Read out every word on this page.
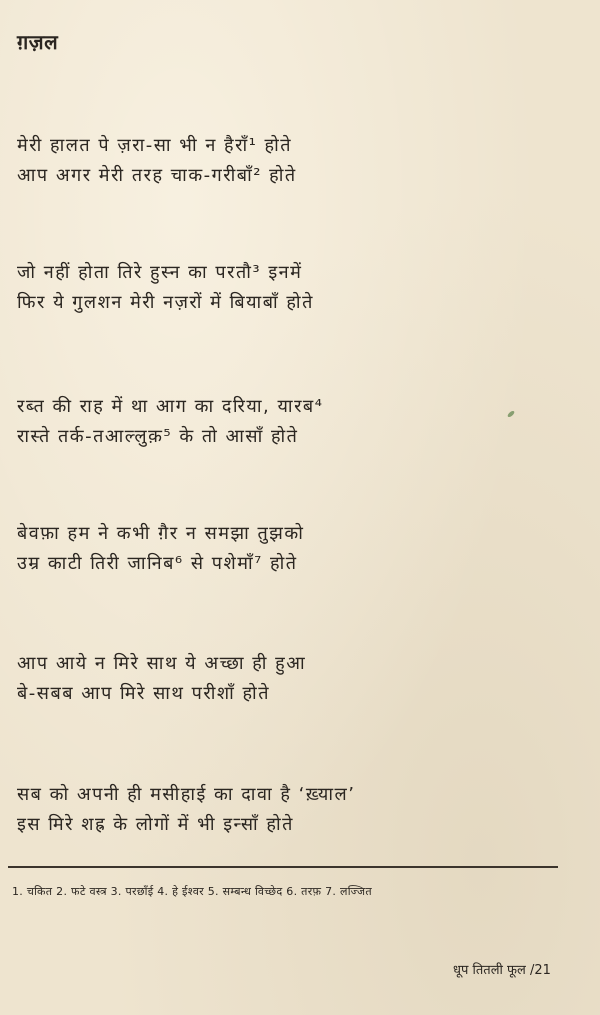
ग़ज़ल
मेरी हालत पे ज़रा-सा भी न हैराँ¹ होते
आप अगर मेरी तरह चाक-गरीबाँ² होते
जो नहीं होता तिरे हुस्न का परतौ³ इनमें
फिर ये गुलशन मेरी नज़रों में बियाबाँ होते
रब्त की राह में था आग का दरिया, यारब⁴
रास्ते तर्क-तआल्लुक़⁵ के तो आसाँ होते
बेवफ़ा हम ने कभी ग़ैर न समझा तुझको
उम्र काटी तिरी जानिब⁶ से पशेमाँ⁷ होते
आप आये न मिरे साथ ये अच्छा ही हुआ
बे-सबब आप मिरे साथ परीशाँ होते
सब को अपनी ही मसीहाई का दावा है ‘ख़्याल’
इस मिरे शह्र के लोगों में भी इन्साँ होते
1. चकित 2. फटे वस्त्र 3. परछाँई 4. हे ईश्वर 5. सम्बन्ध विच्छेद 6. तरफ़ 7. लज्जित
धूप तितली फूल /21
